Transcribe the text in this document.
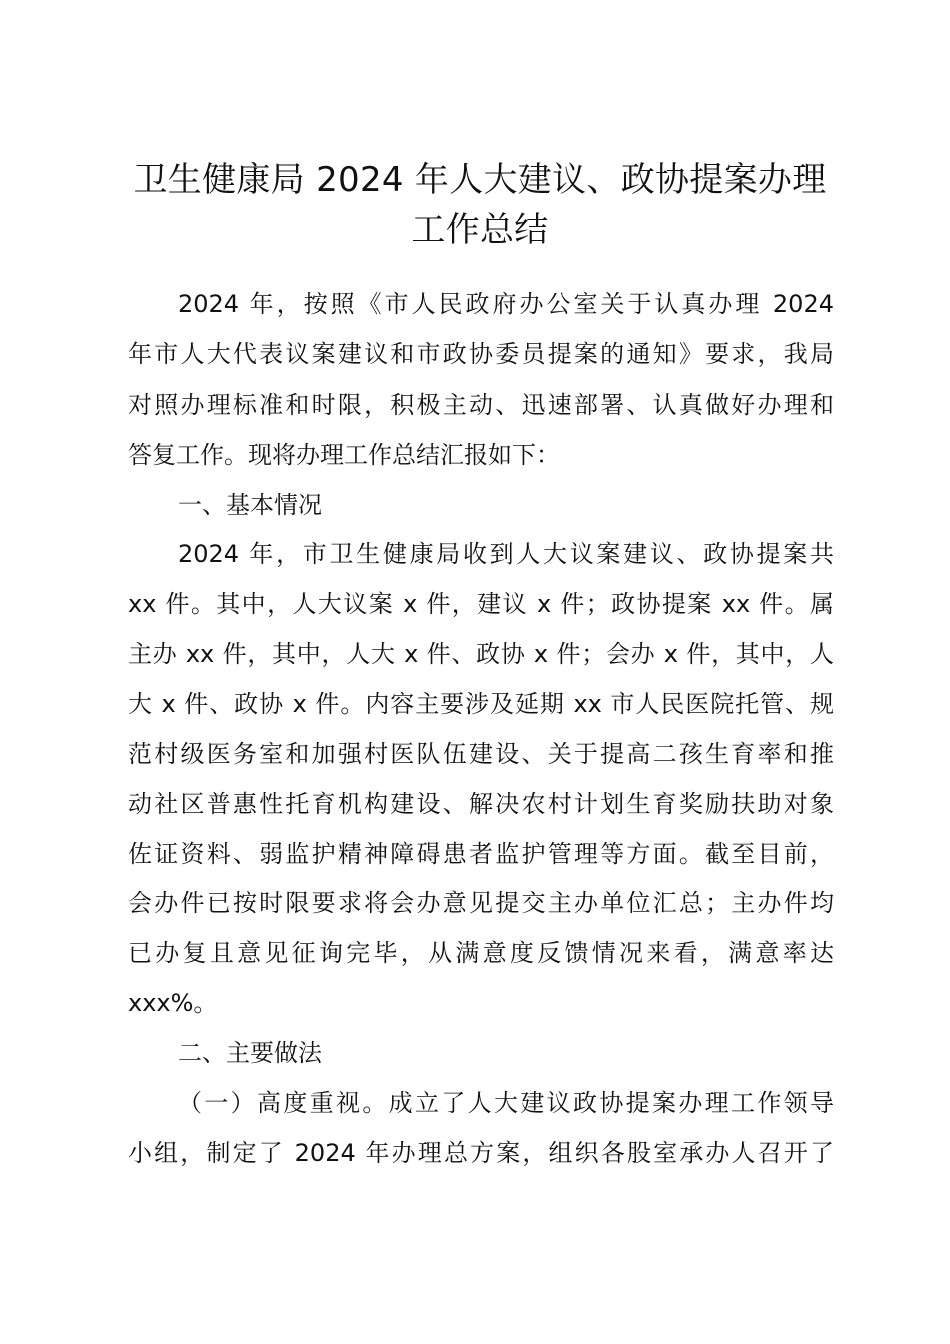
卫生健康局 2024 年人大建议、政协提案办理
工作总结
2024 年，按照《市人民政府办公室关于认真办理 2024
年市人大代表议案建议和市政协委员提案的通知》要求，我局
对照办理标准和时限，积极主动、迅速部署、认真做好办理和
答复工作。现将办理工作总结汇报如下：
一、基本情况
2024 年，市卫生健康局收到人大议案建议、政协提案共
xx 件。其中，人大议案 x 件，建议 x 件；政协提案 xx 件。属
主办 xx 件，其中，人大 x 件、政协 x 件；会办 x 件，其中，人
大 x 件、政协 x 件。内容主要涉及延期 xx 市人民医院托管、规
范村级医务室和加强村医队伍建设、关于提高二孩生育率和推
动社区普惠性托育机构建设、解决农村计划生育奖励扶助对象
佐证资料、弱监护精神障碍患者监护管理等方面。截至目前，
会办件已按时限要求将会办意见提交主办单位汇总；主办件均
已办复且意见征询完毕，从满意度反馈情况来看，满意率达
xxx%。
二、主要做法
（一）高度重视。成立了人大建议政协提案办理工作领导
小组，制定了 2024 年办理总方案，组织各股室承办人召开了
